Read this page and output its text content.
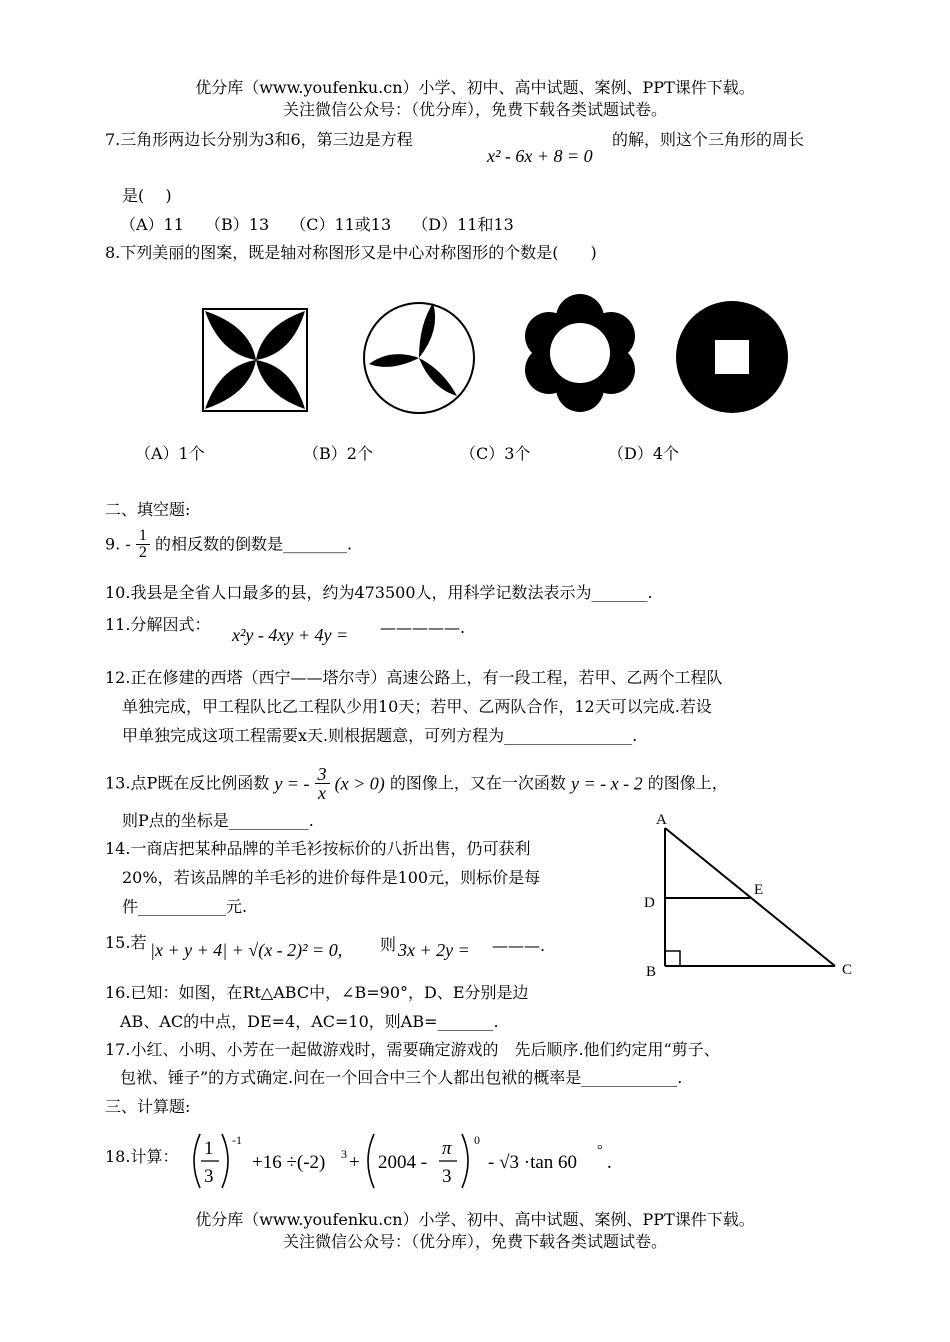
优分库（www.youfenku.cn）小学、初中、高中试题、案例、PPT课件下载。
关注微信公众号：（优分库），免费下载各类试题试卷。
7.三角形两边长分别为3和6，第三边是方程
x² - 6x + 8 = 0
的解，则这个三角形的周长
是(　 )
（A）11　 （B）13　 （C）11或13　 （D）11和13
8.下列美丽的图案，既是轴对称图形又是中心对称图形的个数是(　　)
（A）1个	（B）2个	（C）3个	（D）4个
二、填空题:
9. - $\frac{1}{2}$ 的相反数的倒数是________.
10.我县是全省人口最多的县，约为473500人，用科学记数法表示为_______.
11.分解因式：
x²y - 4xy + 4y = —————.
12.正在修建的西塔（西宁——塔尔寺）高速公路上，有一段工程，若甲、乙两个工程队
单独完成，甲工程队比乙工程队少用10天；若甲、乙两队合作，12天可以完成.若设
甲单独完成这项工程需要x天.则根据题意，可列方程为________________.
13.点P既在反比例函数 y = - $\frac{3}{x} (x > 0)$ 的图像上，又在一次函数 y = - x - 2 的图像上，
则P点的坐标是__________.
14.一商店把某种品牌的羊毛衫按标价的八折出售，仍可获利
20%，若该品牌的羊毛衫的进价每件是100元，则标价是每
件___________元.
15.若 |x + y + 4| + √(x - 2)² = 0, 则 3x + 2y = ———.
16.已知：如图，在Rt△ABC中，∠B=90°，D、E分别是边
AB、AC的中点，DE=4，AC=10，则AB=_______.
A
D
E
B	C
17.小红、小明、小芳在一起做游戏时，需要确定游戏的　先后顺序.他们约定用“剪子、
包袱、锤子”的方式确定.问在一个回合中三个人都出包袱的概率是____________.
三、计算题:
18.计算： 1
3
-1
+16 ÷(-2) 3 + 2004 -
π
3
0
- √3 ·tan 60
°
.
优分库（www.youfenku.cn）小学、初中、高中试题、案例、PPT课件下载。
关注微信公众号：（优分库），免费下载各类试题试卷。
